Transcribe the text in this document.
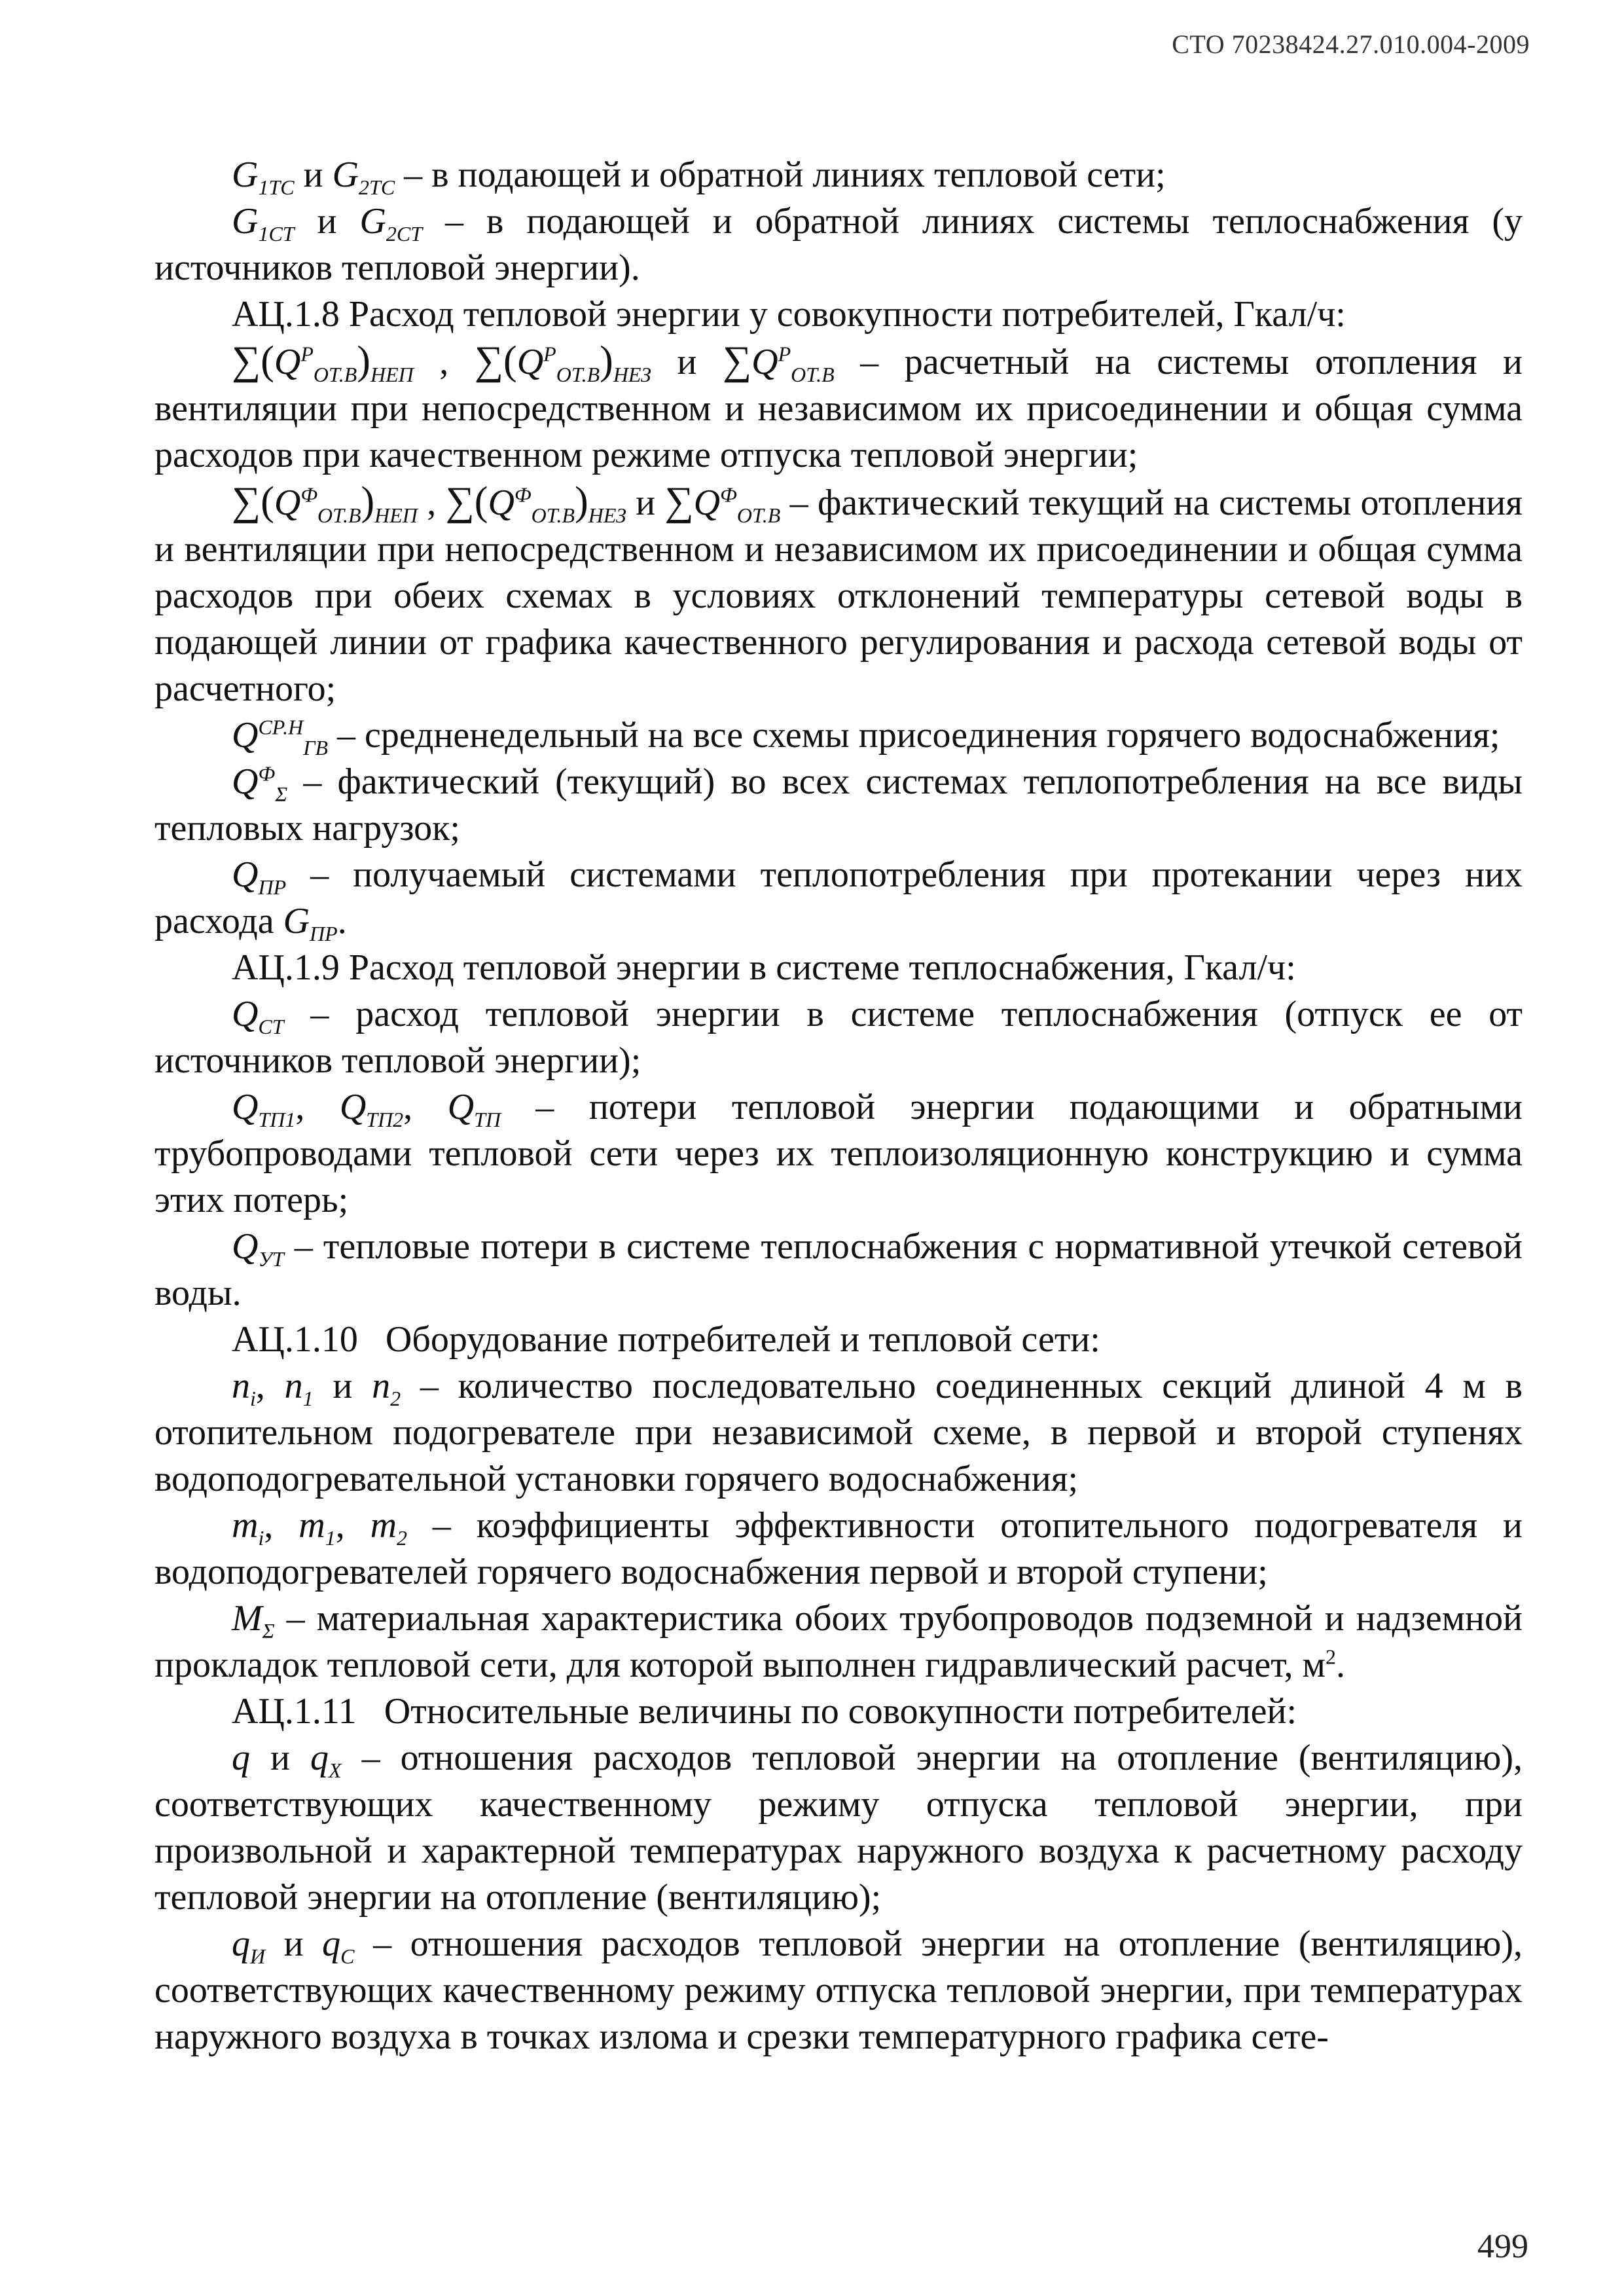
СТО 70238424.27.010.004-2009

$G_{1ТС}$ и $G_{2ТС}$ – в подающей и обратной линиях тепловой сети;

$G_{1СТ}$ и $G_{2СТ}$ – в подающей и обратной линиях системы теплоснабжения (у источников тепловой энергии).

АЦ.1.8 Расход тепловой энергии у совокупности потребителей, Гкал/ч:

$\sum(Q^Р_{ОТ.В})_{НЕП}$ , $\sum(Q^Р_{ОТ.В})_{НЕЗ}$ и $\sum Q^Р_{ОТ.В}$ – расчетный на системы отопления и вентиляции при непосредственном и независимом их присоединении и общая сумма расходов при качественном режиме отпуска тепловой энергии;

$\sum(Q^Ф_{ОТ.В})_{НЕП}$ , $\sum(Q^Ф_{ОТ.В})_{НЕЗ}$ и $\sum Q^Ф_{ОТ.В}$ – фактический текущий на системы отопления и вентиляции при непосредственном и независимом их присоединении и общая сумма расходов при обеих схемах в условиях отклонений температуры сетевой воды в подающей линии от графика качественного регулирования и расхода сетевой воды от расчетного;

$Q^{СР.Н}_{ГВ}$ – средненедельный на все схемы присоединения горячего водоснабжения;

$Q^Ф_\Sigma$ – фактический (текущий) во всех системах теплопотребления на все виды тепловых нагрузок;

$Q_{ПР}$ – получаемый системами теплопотребления при протекании через них расхода $G_{ПР}$.

АЦ.1.9 Расход тепловой энергии в системе теплоснабжения, Гкал/ч:

$Q_{СТ}$ – расход тепловой энергии в системе теплоснабжения (отпуск ее от источников тепловой энергии);

$Q_{ТП1}$, $Q_{ТП2}$, $Q_{ТП}$ – потери тепловой энергии подающими и обратными трубопроводами тепловой сети через их теплоизоляционную конструкцию и сумма этих потерь;

$Q_{УТ}$ – тепловые потери в системе теплоснабжения с нормативной утечкой сетевой воды.

АЦ.1.10   Оборудование потребителей и тепловой сети:

$n_i$, $n_1$ и $n_2$ – количество последовательно соединенных секций длиной 4 м в отопительном подогревателе при независимой схеме, в первой и второй ступенях водоподогревательной установки горячего водоснабжения;

$m_i$, $m_1$, $m_2$ – коэффициенты эффективности отопительного подогревателя и водоподогревателей горячего водоснабжения первой и второй ступени;

$M_\Sigma$ – материальная характеристика обоих трубопроводов подземной и надземной прокладок тепловой сети, для которой выполнен гидравлический расчет, $м^2$.

АЦ.1.11   Относительные величины по совокупности потребителей:

q и $q_Х$ – отношения расходов тепловой энергии на отопление (вентиляцию), соответствующих качественному режиму отпуска тепловой энергии, при произвольной и характерной температурах наружного воздуха к расчетному расходу тепловой энергии на отопление (вентиляцию);

$q_И$ и $q_С$ – отношения расходов тепловой энергии на отопление (вентиляцию), соответствующих качественному режиму отпуска тепловой энергии, при температурах наружного воздуха в точках излома и срезки температурного графика сете-

499
